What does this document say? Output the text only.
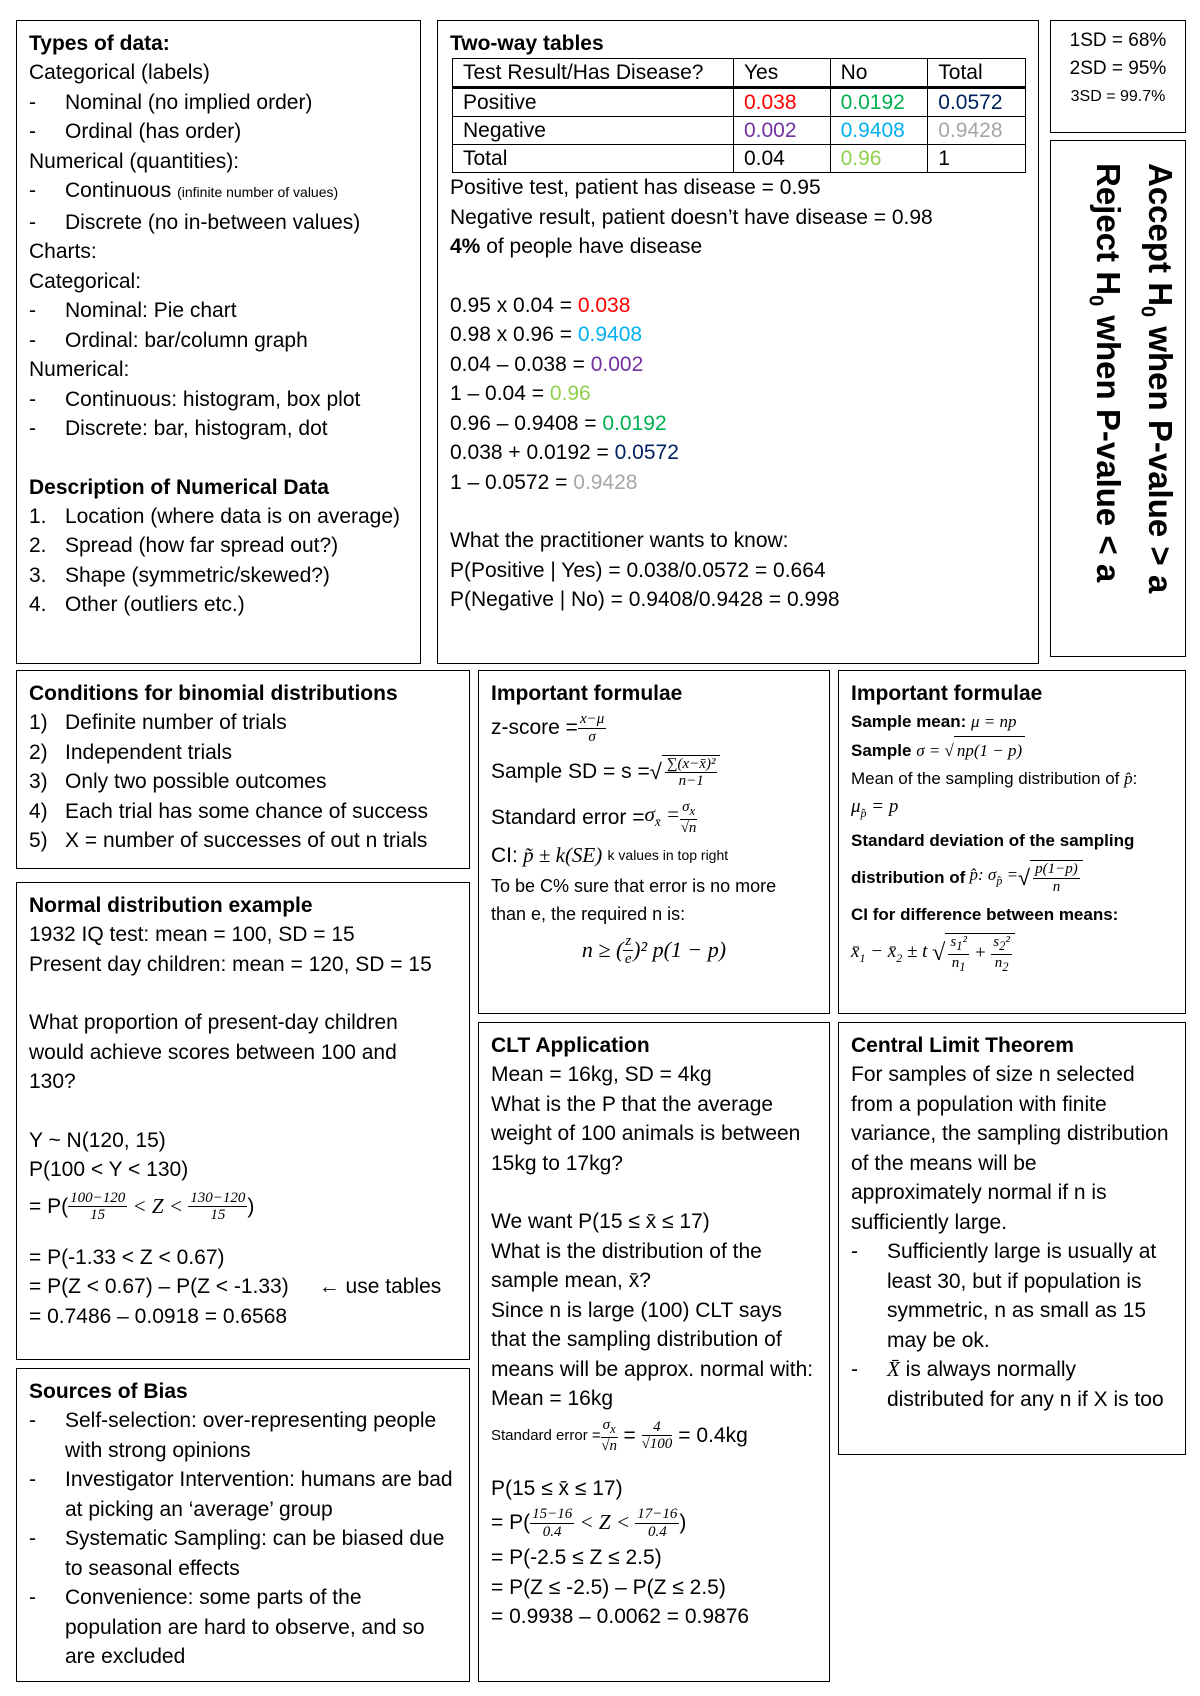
Types of data:
Categorical (labels)
-	Nominal (no implied order)
-	Ordinal (has order)
Numerical (quantities):
-	Continuous (infinite number of values)
-	Discrete (no in-between values)
Charts:
Categorical:
-	Nominal: Pie chart
-	Ordinal: bar/column graph
Numerical:
-	Continuous: histogram, box plot
-	Discrete: bar, histogram, dot
Description of Numerical Data
1. Location (where data is on average)
2. Spread (how far spread out?)
3. Shape (symmetric/skewed?)
4. Other (outliers etc.)
Two-way tables
Test Result/Has Disease?	Yes	No	Total
Positive	0.038	0.0192	0.0572
Negative	0.002	0.9408	0.9428
Total	0.04	0.96	1
Positive test, patient has disease = 0.95
Negative result, patient doesn’t have disease = 0.98
4% of people have disease
0.95 x 0.04 = 0.038
0.98 x 0.96 = 0.9408
0.04 – 0.038 = 0.002
1 – 0.04 = 0.96
0.96 – 0.9408 = 0.0192
0.038 + 0.0192 = 0.0572
1 – 0.0572 = 0.9428
What the practitioner wants to know:
P(Positive | Yes) = 0.038/0.0572 = 0.664
P(Negative | No) = 0.9408/0.9428 = 0.998
1SD = 68%
2SD = 95%
3SD = 99.7%
Accept $H_0$ when P-value > a
Reject $H_0$ when P-value < a
Conditions for binomial distributions
1) Definite number of trials
2) Independent trials
3) Only two possible outcomes
4) Each trial has some chance of success
5) X = number of successes of out n trials
Important formulae
z-score = $\frac{x-\mu}{\sigma}$
Sample SD = s = √ $\frac{\text{∑(x−x̄)²}}{n-1}$
Standard error = $\sigma_{x̄} = \frac{\sigma_x}{√n}$
CI: p̃ ± k(SE) k values in top right
To be C% sure that error is no more
than e, the required n is:
n ≥ ( $\frac{z}{e} )^2$ p(1 − p)
Important formulae
Sample mean: μ = np
Sample σ = √ np(1 − p)
Mean of the sampling distribution of p̂:
$\mu_{p̂} = p$
Standard deviation of the sampling
distribution of p̂: $\sigma_{p̂}$ = √ $\frac{p(1-p)}{n}$
CI for difference between means:
$x̄_1$ − $x̄_2 \pm t$ √ $\frac{s_1^2}{n_1} + \frac{s_2^2}{n_2}$
Normal distribution example
1932 IQ test: mean = 100, SD = 15
Present day children: mean = 120, SD = 15
What proportion of present-day children would achieve scores between 100 and 130?
Y ~ N(120, 15)
P(100 < Y < 130)
= $P( \frac{100-120}{15} < Z < \frac{130-120}{15}$ )
= P(-1.33 < Z < 0.67)
= P(Z < 0.67) – P(Z < -1.33) ← use tables
= 0.7486 – 0.0918 = 0.6568
Sources of Bias
-	Self-selection: over-representing people with strong opinions
-	Investigator Intervention: humans are bad at picking an ‘average’ group
-	Systematic Sampling: can be biased due to seasonal effects
-	Convenience: some parts of the population are hard to observe, and so are excluded
CLT Application
Mean = 16kg, SD = 4kg
What is the P that the average weight of 100 animals is between 15kg to 17kg?
We want P(15 ≤ x̄ ≤ 17)
What is the distribution of the sample mean, x̄?
Since n is large (100) CLT says that the sampling distribution of means will be approx. normal with:
Mean = 16kg
Standard error = $\frac{\sigma_x}{√n} = \frac{4}{√100} = 0.4kg$
P(15 ≤ x̄ ≤ 17)
= $P( \frac{15-16}{0.4} < Z < \frac{17-16}{0.4}$ )
= P(-2.5 ≤ Z ≤ 2.5)
= P(Z ≤ -2.5) – P(Z ≤ 2.5)
= 0.9938 – 0.0062 = 0.9876
Central Limit Theorem
For samples of size n selected from a population with finite variance, the sampling distribution of the means will be approximately normal if n is sufficiently large.
-	Sufficiently large is usually at least 30, but if population is symmetric, n as small as 15 may be ok.
-	X̄ is always normally distributed for any n if X is too
